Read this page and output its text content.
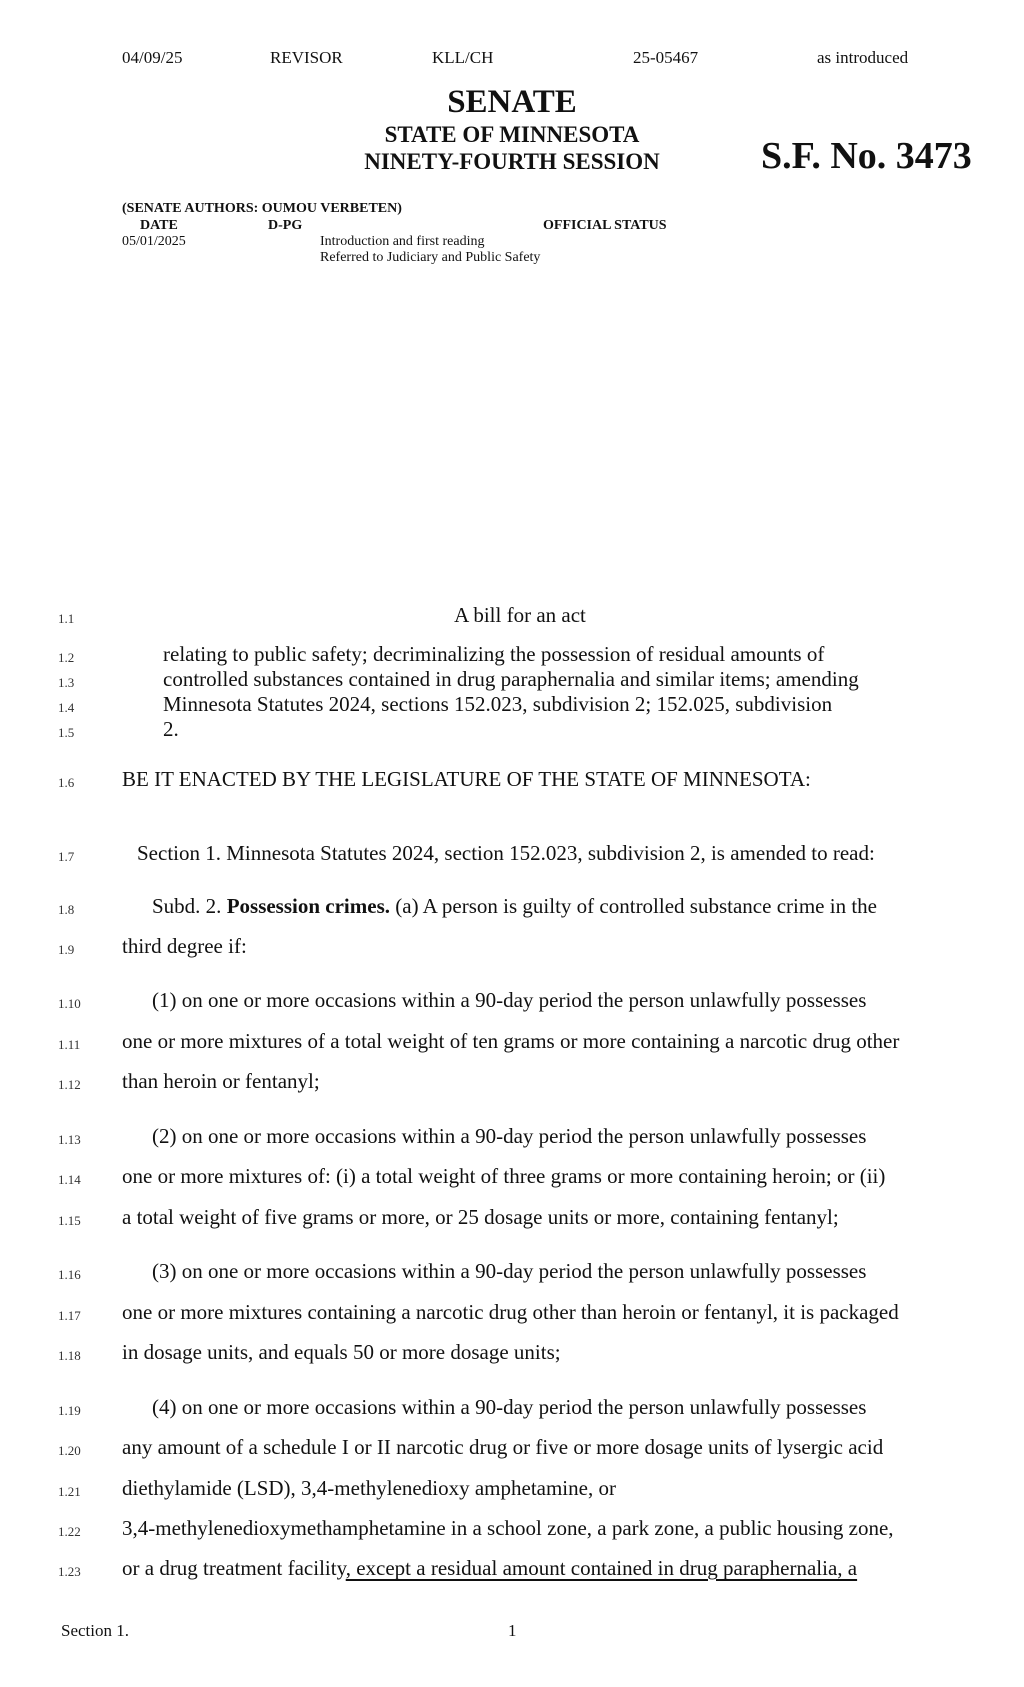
04/09/25	REVISOR	KLL/CH	25-05467	as introduced
SENATE
STATE OF MINNESOTA
NINETY-FOURTH SESSION	S.F. No. 3473
(SENATE AUTHORS: OUMOU VERBETEN)
DATE	D-PG	OFFICIAL STATUS
05/01/2025	Introduction and first reading
Referred to Judiciary and Public Safety
1.1	A bill for an act
1.2	relating to public safety; decriminalizing the possession of residual amounts of
1.3	controlled substances contained in drug paraphernalia and similar items; amending
1.4	Minnesota Statutes 2024, sections 152.023, subdivision 2; 152.025, subdivision
1.5	2.
1.6 BE IT ENACTED BY THE LEGISLATURE OF THE STATE OF MINNESOTA:
1.7	Section 1. Minnesota Statutes 2024, section 152.023, subdivision 2, is amended to read:
1.8	Subd. 2. Possession crimes. (a) A person is guilty of controlled substance crime in the
1.9 third degree if:
1.10	(1) on one or more occasions within a 90-day period the person unlawfully possesses
1.11 one or more mixtures of a total weight of ten grams or more containing a narcotic drug other
1.12 than heroin or fentanyl;
1.13	(2) on one or more occasions within a 90-day period the person unlawfully possesses
1.14 one or more mixtures of: (i) a total weight of three grams or more containing heroin; or (ii)
1.15 a total weight of five grams or more, or 25 dosage units or more, containing fentanyl;
1.16	(3) on one or more occasions within a 90-day period the person unlawfully possesses
1.17 one or more mixtures containing a narcotic drug other than heroin or fentanyl, it is packaged
1.18 in dosage units, and equals 50 or more dosage units;
1.19	(4) on one or more occasions within a 90-day period the person unlawfully possesses
1.20 any amount of a schedule I or II narcotic drug or five or more dosage units of lysergic acid
1.21 diethylamide (LSD), 3,4-methylenedioxy amphetamine, or
1.22 3,4-methylenedioxymethamphetamine in a school zone, a park zone, a public housing zone,
1.23 or a drug treatment facility, except a residual amount contained in drug paraphernalia, a
Section 1.	1
